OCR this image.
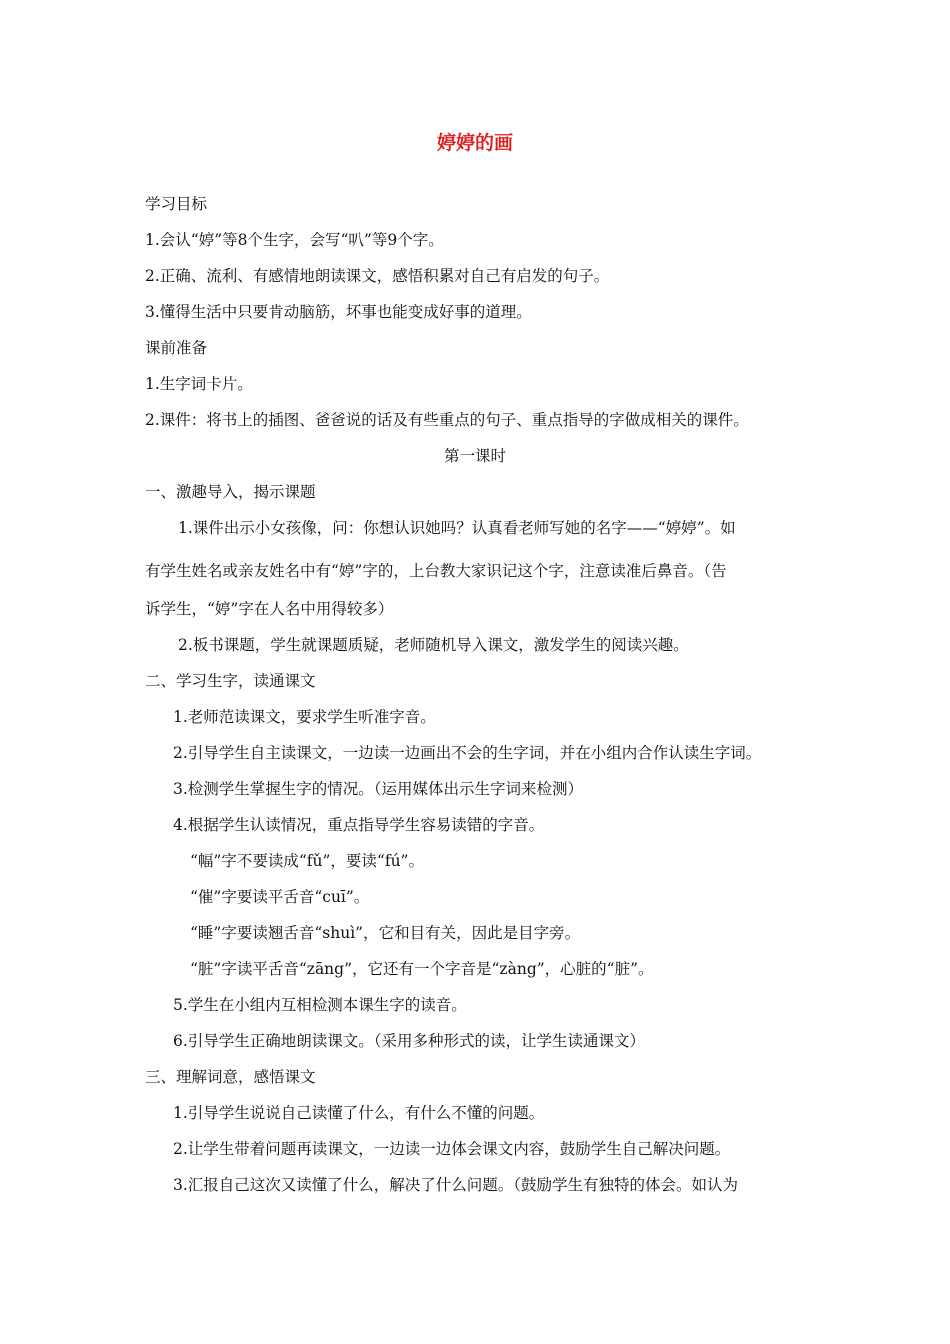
婷婷的画
学习目标
1.会认“婷”等8个生字，会写“叭”等9个字。
2.正确、流利、有感情地朗读课文，感悟积累对自己有启发的句子。
3.懂得生活中只要肯动脑筋，坏事也能变成好事的道理。
课前准备
1.生字词卡片。
2.课件：将书上的插图、爸爸说的话及有些重点的句子、重点指导的字做成相关的课件。
第一课时
一、激趣导入，揭示课题
1.课件出示小女孩像，问：你想认识她吗？认真看老师写她的名字——“婷婷”。如
有学生姓名或亲友姓名中有“婷”字的，上台教大家识记这个字，注意读准后鼻音。（告
诉学生，“婷”字在人名中用得较多）
2.板书课题，学生就课题质疑，老师随机导入课文，激发学生的阅读兴趣。
二、学习生字，读通课文
1.老师范读课文，要求学生听准字音。
2.引导学生自主读课文，一边读一边画出不会的生字词，并在小组内合作认读生字词。
3.检测学生掌握生字的情况。（运用媒体出示生字词来检测）
4.根据学生认读情况，重点指导学生容易读错的字音。
“幅”字不要读成“fǔ”，要读“fú”。
“催”字要读平舌音“cuī”。
“睡”字要读翘舌音“shuì”，它和目有关，因此是目字旁。
“脏”字读平舌音“zāng”，它还有一个字音是“zàng”，心脏的“脏”。
5.学生在小组内互相检测本课生字的读音。
6.引导学生正确地朗读课文。（采用多种形式的读，让学生读通课文）
三、理解词意，感悟课文
1.引导学生说说自己读懂了什么，有什么不懂的问题。
2.让学生带着问题再读课文，一边读一边体会课文内容，鼓励学生自己解决问题。
3.汇报自己这次又读懂了什么，解决了什么问题。（鼓励学生有独特的体会。如认为
